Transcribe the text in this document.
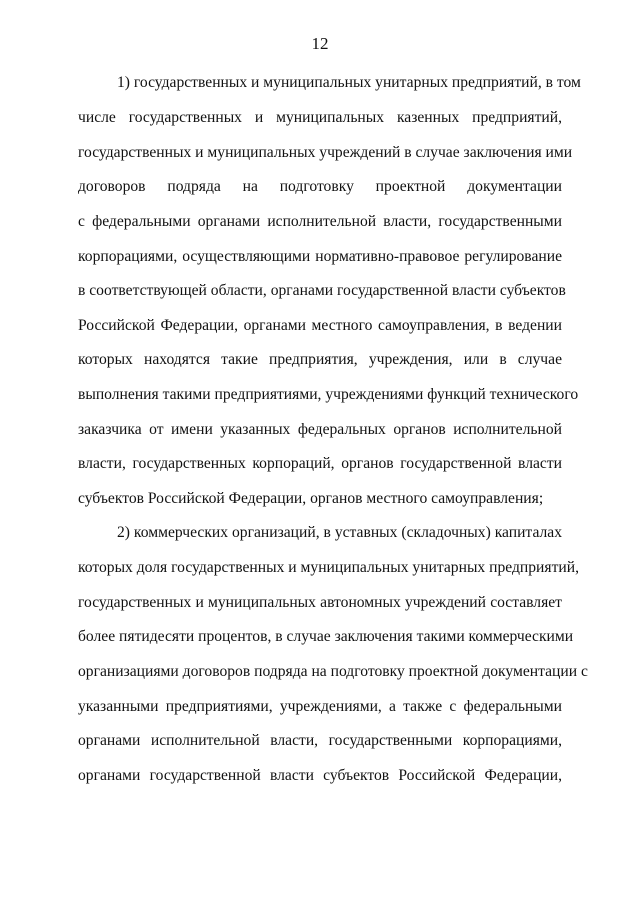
12
1) государственных и муниципальных унитарных предприятий, в том
числе государственных и муниципальных казенных предприятий,
государственных и муниципальных учреждений в случае заключения ими
договоров подряда на подготовку проектной документации
с федеральными органами исполнительной власти, государственными
корпорациями, осуществляющими нормативно-правовое регулирование
в соответствующей области, органами государственной власти субъектов
Российской Федерации, органами местного самоуправления, в ведении
которых находятся такие предприятия, учреждения, или в случае
выполнения такими предприятиями, учреждениями функций технического
заказчика от имени указанных федеральных органов исполнительной
власти, государственных корпораций, органов государственной власти
субъектов Российской Федерации, органов местного самоуправления;
2) коммерческих организаций, в уставных (складочных) капиталах
которых доля государственных и муниципальных унитарных предприятий,
государственных и муниципальных автономных учреждений составляет
более пятидесяти процентов, в случае заключения такими коммерческими
организациями договоров подряда на подготовку проектной документации с
указанными предприятиями, учреждениями, а также с федеральными
органами исполнительной власти, государственными корпорациями,
органами государственной власти субъектов Российской Федерации,
